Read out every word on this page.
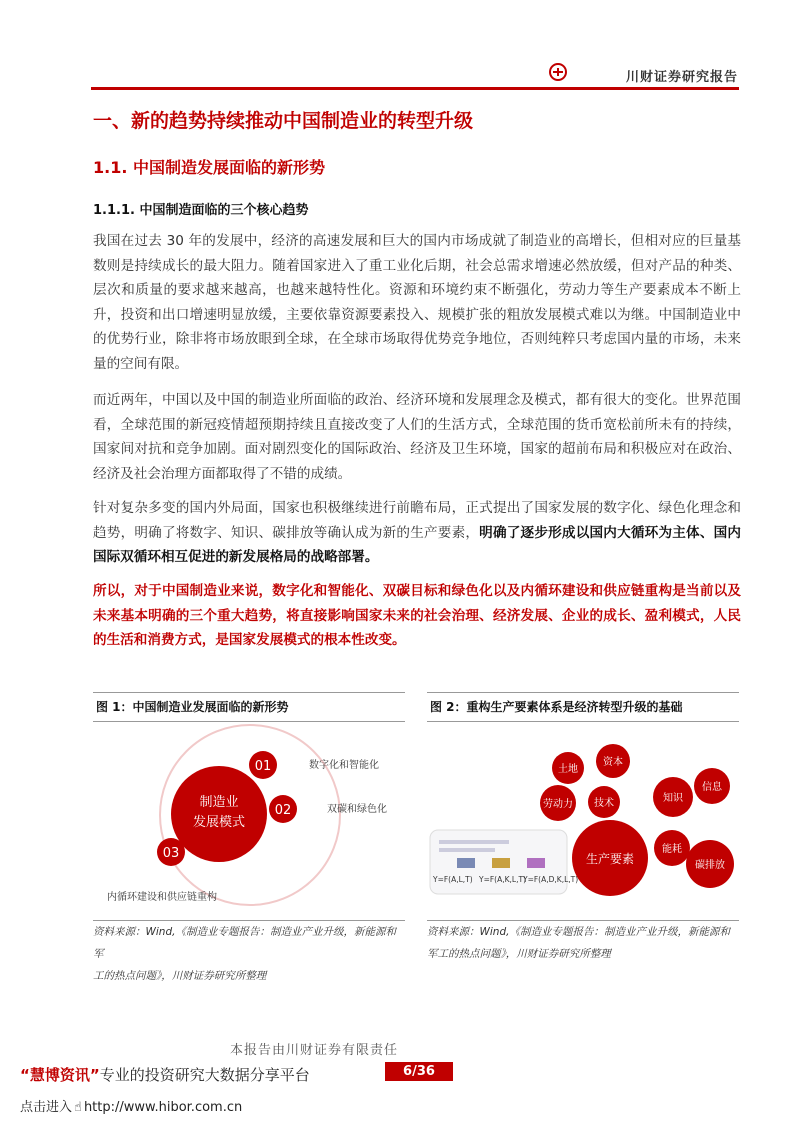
川财证券研究报告
一、新的趋势持续推动中国制造业的转型升级
1.1. 中国制造发展面临的新形势
1.1.1. 中国制造面临的三个核心趋势

我国在过去 30 年的发展中，经济的高速发展和巨大的国内市场成就了制造业的高增长，但相对应的巨量基数则是持续成长的最大阻力。随着国家进入了重工业化后期，社会总需求增速必然放缓，但对产品的种类、层次和质量的要求越来越高，也越来越特性化。资源和环境约束不断强化，劳动力等生产要素成本不断上升，投资和出口增速明显放缓，主要依靠资源要素投入、规模扩张的粗放发展模式难以为继。中国制造业中的优势行业，除非将市场放眼到全球，在全球市场取得优势竞争地位，否则纯粹只考虑国内量的市场，未来量的空间有限。

而近两年，中国以及中国的制造业所面临的政治、经济环境和发展理念及模式，都有很大的变化。世界范围看，全球范围的新冠疫情超预期持续且直接改变了人们的生活方式，全球范围的货币宽松前所未有的持续，国家间对抗和竞争加剧。面对剧烈变化的国际政治、经济及卫生环境，国家的超前布局和积极应对在政治、经济及社会治理方面都取得了不错的成绩。

针对复杂多变的国内外局面，国家也积极继续进行前瞻布局，正式提出了国家发展的数字化、绿色化理念和趋势，明确了将数字、知识、碳排放等确认成为新的生产要素，明确了逐步形成以国内大循环为主体、国内国际双循环相互促进的新发展格局的战略部署。

所以，对于中国制造业来说，数字化和智能化、双碳目标和绿色化以及内循环建设和供应链重构是当前以及未来基本明确的三个重大趋势，将直接影响国家未来的社会治理、经济发展、企业的成长、盈利模式，人民的生活和消费方式，是国家发展模式的根本性改变。

图 1：中国制造业发展面临的新形势
制造业
发展模式
01	数字化和智能化
02	双碳和绿色化
03
内循环建设和供应链重构
资料来源：Wind,《制造业专题报告：制造业产业升级，新能源和军
工的热点问题》，川财证券研究所整理
图 2：重构生产要素体系是经济转型升级的基础
生产要素
土地
资本
劳动力 技术	知识
信息
能耗
碳排放
Y=F(A,L,T) Y=F(A,K,L,T)
Y=F(A,D,K,L,T)
资料来源：Wind,《制造业专题报告：制造业产业升级，新能源和
军工的热点问题》，川财证券研究所整理
本报告由川财证券有限责任
6/36
“慧博资讯”专业的投资研究大数据分享平台
点击进入 ☝ http://www.hibor.com.cn
